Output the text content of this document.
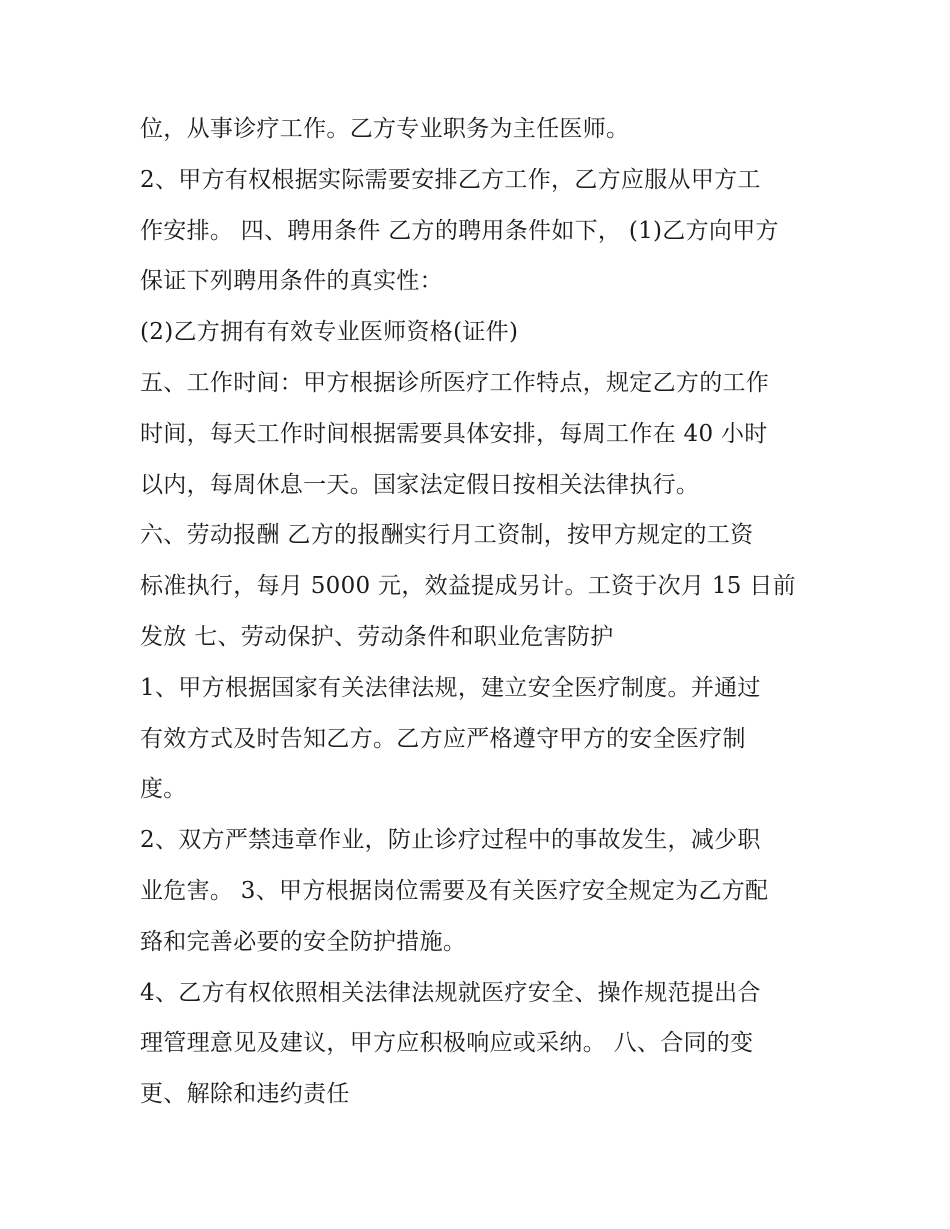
位，从事诊疗工作。乙方专业职务为主任医师。
2、甲方有权根据实际需要安排乙方工作，乙方应服从甲方工
作安排。 四、聘用条件 乙方的聘用条件如下， (1)乙方向甲方
保证下列聘用条件的真实性：
(2)乙方拥有有效专业医师资格(证件)
五、工作时间：甲方根据诊所医疗工作特点，规定乙方的工作
时间，每天工作时间根据需要具体安排，每周工作在 40 小时
以内，每周休息一天。国家法定假日按相关法律执行。
六、劳动报酬 乙方的报酬实行月工资制，按甲方规定的工资
标准执行，每月 5000 元，效益提成另计。工资于次月 15 日前
发放 七、劳动保护、劳动条件和职业危害防护
1、甲方根据国家有关法律法规，建立安全医疗制度。并通过
有效方式及时告知乙方。乙方应严格遵守甲方的安全医疗制
度。
2、双方严禁违章作业，防止诊疗过程中的事故发生，减少职
业危害。 3、甲方根据岗位需要及有关医疗安全规定为乙方配
臵和完善必要的安全防护措施。
4、乙方有权依照相关法律法规就医疗安全、操作规范提出合
理管理意见及建议，甲方应积极响应或采纳。 八、合同的变
更、解除和违约责任
